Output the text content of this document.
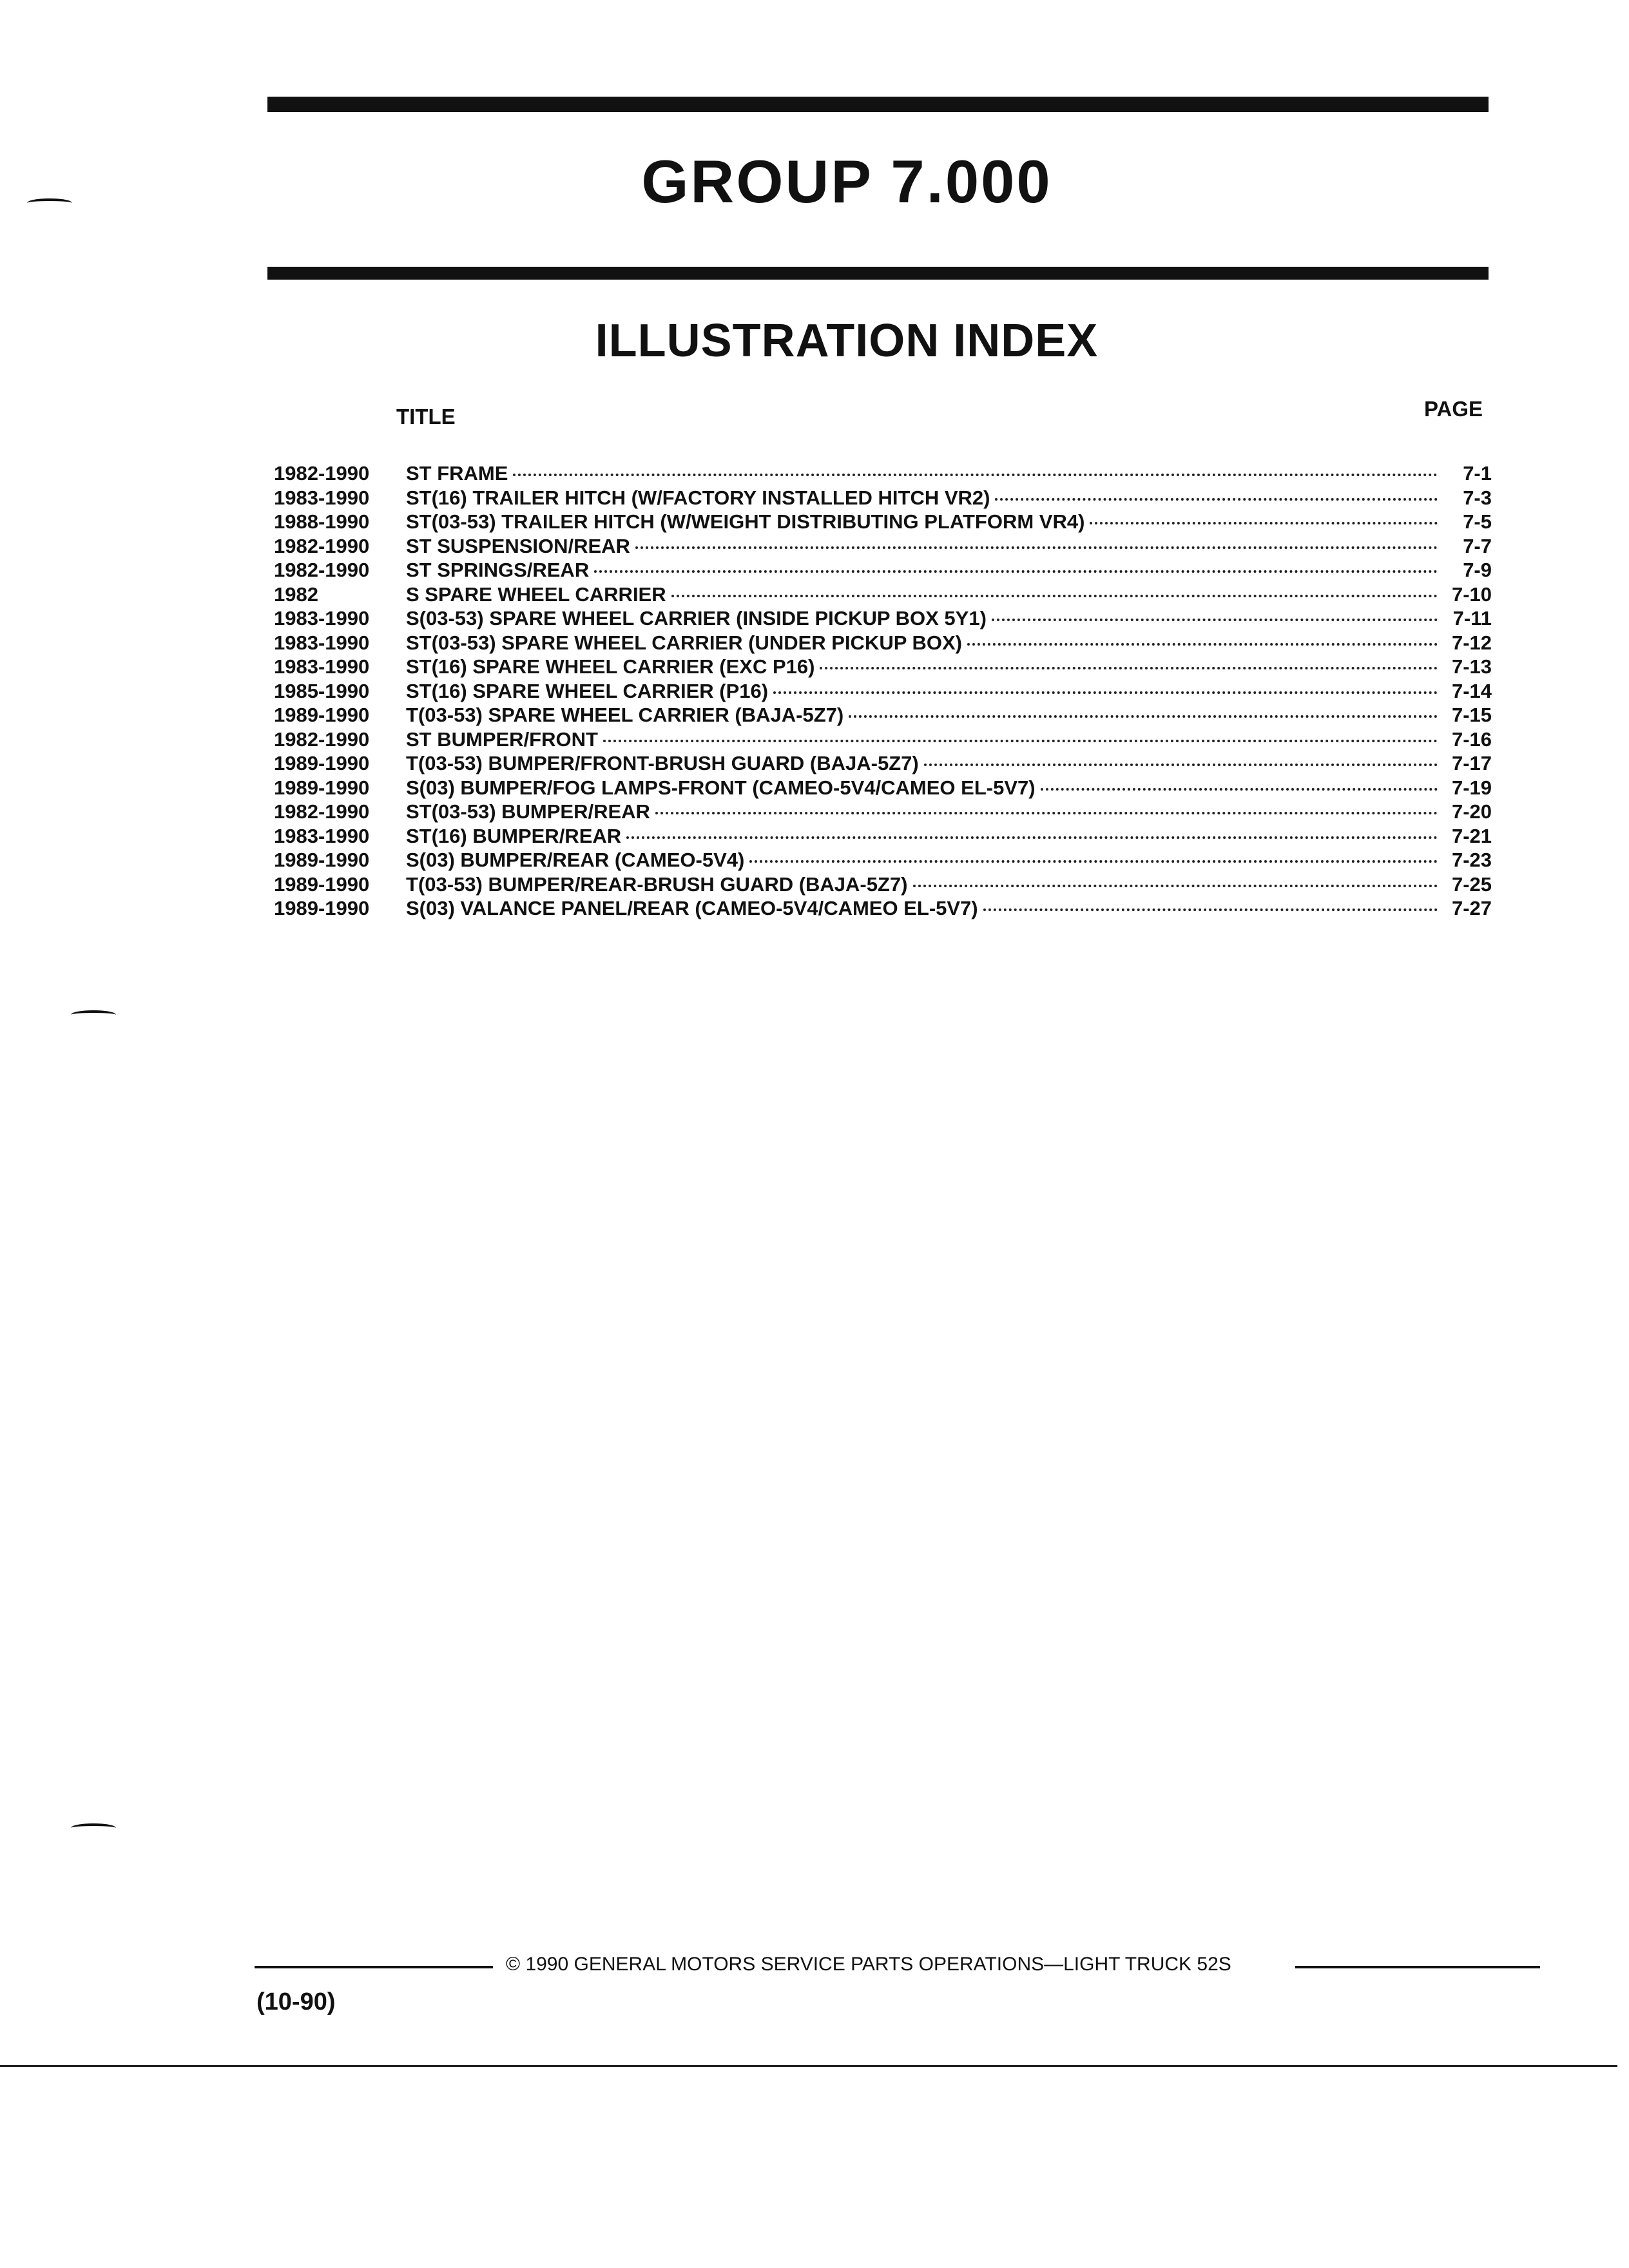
GROUP 7.000
ILLUSTRATION INDEX
TITLE	PAGE
1982-1990	ST FRAME	7-1
1983-1990	ST(16) TRAILER HITCH (W/FACTORY INSTALLED HITCH VR2)	7-3
1988-1990	ST(03-53) TRAILER HITCH (W/WEIGHT DISTRIBUTING PLATFORM VR4)	7-5
1982-1990	ST SUSPENSION/REAR	7-7
1982-1990	ST SPRINGS/REAR	7-9
1982	S SPARE WHEEL CARRIER	7-10
1983-1990	S(03-53) SPARE WHEEL CARRIER (INSIDE PICKUP BOX 5Y1)	7-11
1983-1990	ST(03-53) SPARE WHEEL CARRIER (UNDER PICKUP BOX)	7-12
1983-1990	ST(16) SPARE WHEEL CARRIER (EXC P16)	7-13
1985-1990	ST(16) SPARE WHEEL CARRIER (P16)	7-14
1989-1990	T(03-53) SPARE WHEEL CARRIER (BAJA-5Z7)	7-15
1982-1990	ST BUMPER/FRONT	7-16
1989-1990	T(03-53) BUMPER/FRONT-BRUSH GUARD (BAJA-5Z7)	7-17
1989-1990	S(03) BUMPER/FOG LAMPS-FRONT (CAMEO-5V4/CAMEO EL-5V7)	7-19
1982-1990	ST(03-53) BUMPER/REAR	7-20
1983-1990	ST(16) BUMPER/REAR	7-21
1989-1990	S(03) BUMPER/REAR (CAMEO-5V4)	7-23
1989-1990	T(03-53) BUMPER/REAR-BRUSH GUARD (BAJA-5Z7)	7-25
1989-1990	S(03) VALANCE PANEL/REAR (CAMEO-5V4/CAMEO EL-5V7)	7-27
© 1990 GENERAL MOTORS SERVICE PARTS OPERATIONS—LIGHT TRUCK 52S
(10-90)
